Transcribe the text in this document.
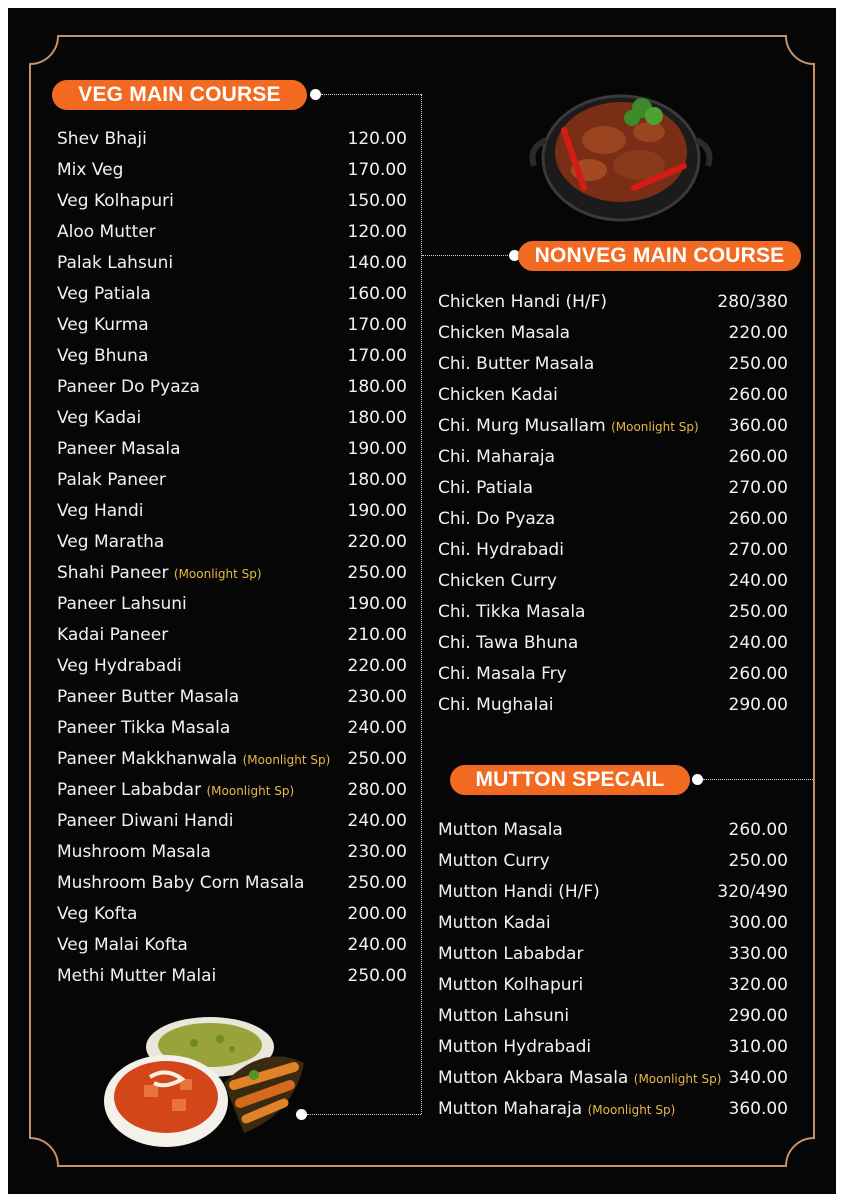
VEG MAIN COURSE
NONVEG MAIN COURSE
MUTTON SPECAIL
Shev Bhaji	120.00
Mix Veg	170.00
Veg Kolhapuri	150.00
Aloo Mutter	120.00
Palak Lahsuni	140.00
Veg Patiala	160.00
Veg Kurma	170.00
Veg Bhuna	170.00
Paneer Do Pyaza	180.00
Veg Kadai	180.00
Paneer Masala	190.00
Palak Paneer	180.00
Veg Handi	190.00
Veg Maratha	220.00
Shahi Paneer (Moonlight Sp)	250.00
Paneer Lahsuni	190.00
Kadai Paneer	210.00
Veg Hydrabadi	220.00
Paneer Butter Masala	230.00
Paneer Tikka Masala	240.00
Paneer Makkhanwala (Moonlight Sp) 250.00
Paneer Lababdar (Moonlight Sp)	280.00
Paneer Diwani Handi	240.00
Mushroom Masala	230.00
Mushroom Baby Corn Masala	250.00
Veg Kofta	200.00
Veg Malai Kofta	240.00
Methi Mutter Malai	250.00
Chicken Handi (H/F)	280/380
Chicken Masala	220.00
Chi. Butter Masala	250.00
Chicken Kadai	260.00
Chi. Murg Musallam (Moonlight Sp) 360.00
Chi. Maharaja	260.00
Chi. Patiala	270.00
Chi. Do Pyaza	260.00
Chi. Hydrabadi	270.00
Chicken Curry	240.00
Chi. Tikka Masala	250.00
Chi. Tawa Bhuna	240.00
Chi. Masala Fry	260.00
Chi. Mughalai	290.00
Mutton Masala	260.00
Mutton Curry	250.00
Mutton Handi (H/F)	320/490
Mutton Kadai	300.00
Mutton Lababdar	330.00
Mutton Kolhapuri	320.00
Mutton Lahsuni	290.00
Mutton Hydrabadi	310.00
Mutton Akbara Masala (Moonlight Sp) 340.00
Mutton Maharaja (Moonlight Sp)	360.00
